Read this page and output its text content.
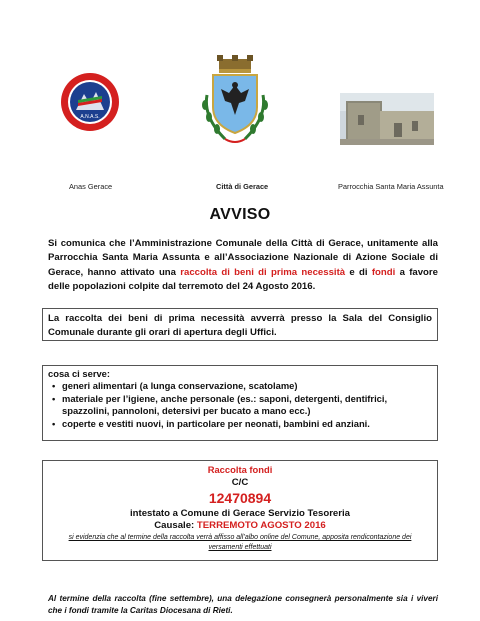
A.N.A.S.
Anas Gerace	Città di Gerace	Parrocchia Santa Maria Assunta
AVVISO
Si comunica che l’Amministrazione Comunale della Città di Gerace, unitamente alla Parrocchia Santa Maria Assunta e all’Associazione Nazionale di Azione Sociale di Gerace, hanno attivato una raccolta di beni di prima necessità e di fondi a favore delle popolazioni colpite dal terremoto del 24 Agosto 2016.
La raccolta dei beni di prima necessità avverrà presso la Sala del Consiglio Comunale durante gli orari di apertura degli Uffici.
cosa ci serve:
• generi alimentari (a lunga conservazione, scatolame)
• materiale per l’igiene, anche personale (es.: saponi, detergenti, dentifrici, spazzolini, pannoloni, detersivi per bucato a mano ecc.)
• coperte e vestiti nuovi, in particolare per neonati, bambini ed anziani.
Raccolta fondi
C/C
12470894
intestato a Comune di Gerace Servizio Tesoreria
Causale: TERREMOTO AGOSTO 2016
si evidenzia che al termine della raccolta verrà affisso all’albo online del Comune, apposita rendicontazione dei versamenti effettuati
Al termine della raccolta (fine settembre), una delegazione consegnerà personalmente sia i viveri che i fondi tramite la Caritas Diocesana di Rieti.
